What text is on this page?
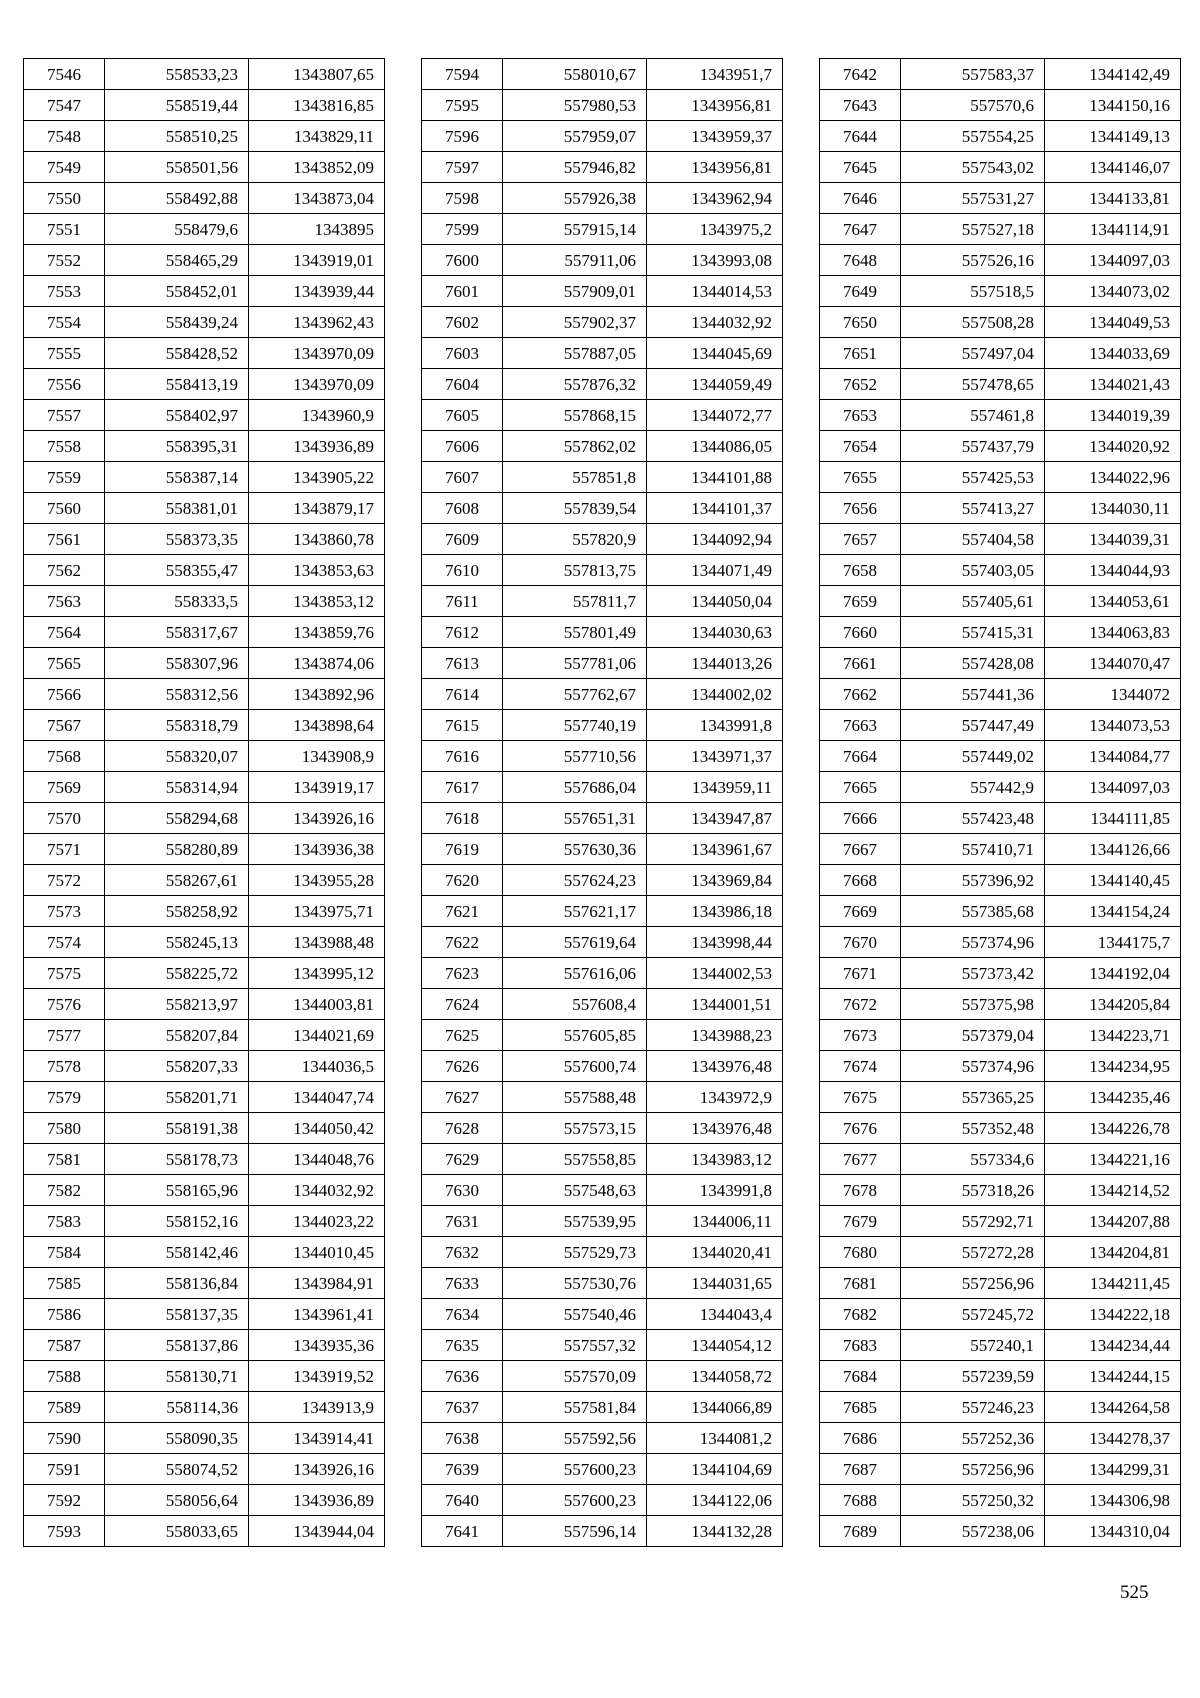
7546	558533,23	1343807,65
7547	558519,44	1343816,85
7548	558510,25	1343829,11
7549	558501,56	1343852,09
7550	558492,88	1343873,04
7551	558479,6	1343895
7552	558465,29	1343919,01
7553	558452,01	1343939,44
7554	558439,24	1343962,43
7555	558428,52	1343970,09
7556	558413,19	1343970,09
7557	558402,97	1343960,9
7558	558395,31	1343936,89
7559	558387,14	1343905,22
7560	558381,01	1343879,17
7561	558373,35	1343860,78
7562	558355,47	1343853,63
7563	558333,5	1343853,12
7564	558317,67	1343859,76
7565	558307,96	1343874,06
7566	558312,56	1343892,96
7567	558318,79	1343898,64
7568	558320,07	1343908,9
7569	558314,94	1343919,17
7570	558294,68	1343926,16
7571	558280,89	1343936,38
7572	558267,61	1343955,28
7573	558258,92	1343975,71
7574	558245,13	1343988,48
7575	558225,72	1343995,12
7576	558213,97	1344003,81
7577	558207,84	1344021,69
7578	558207,33	1344036,5
7579	558201,71	1344047,74
7580	558191,38	1344050,42
7581	558178,73	1344048,76
7582	558165,96	1344032,92
7583	558152,16	1344023,22
7584	558142,46	1344010,45
7585	558136,84	1343984,91
7586	558137,35	1343961,41
7587	558137,86	1343935,36
7588	558130,71	1343919,52
7589	558114,36	1343913,9
7590	558090,35	1343914,41
7591	558074,52	1343926,16
7592	558056,64	1343936,89
7593	558033,65	1343944,04
7594	558010,67	1343951,7
7595	557980,53	1343956,81
7596	557959,07	1343959,37
7597	557946,82	1343956,81
7598	557926,38	1343962,94
7599	557915,14	1343975,2
7600	557911,06	1343993,08
7601	557909,01	1344014,53
7602	557902,37	1344032,92
7603	557887,05	1344045,69
7604	557876,32	1344059,49
7605	557868,15	1344072,77
7606	557862,02	1344086,05
7607	557851,8	1344101,88
7608	557839,54	1344101,37
7609	557820,9	1344092,94
7610	557813,75	1344071,49
7611	557811,7	1344050,04
7612	557801,49	1344030,63
7613	557781,06	1344013,26
7614	557762,67	1344002,02
7615	557740,19	1343991,8
7616	557710,56	1343971,37
7617	557686,04	1343959,11
7618	557651,31	1343947,87
7619	557630,36	1343961,67
7620	557624,23	1343969,84
7621	557621,17	1343986,18
7622	557619,64	1343998,44
7623	557616,06	1344002,53
7624	557608,4	1344001,51
7625	557605,85	1343988,23
7626	557600,74	1343976,48
7627	557588,48	1343972,9
7628	557573,15	1343976,48
7629	557558,85	1343983,12
7630	557548,63	1343991,8
7631	557539,95	1344006,11
7632	557529,73	1344020,41
7633	557530,76	1344031,65
7634	557540,46	1344043,4
7635	557557,32	1344054,12
7636	557570,09	1344058,72
7637	557581,84	1344066,89
7638	557592,56	1344081,2
7639	557600,23	1344104,69
7640	557600,23	1344122,06
7641	557596,14	1344132,28
7642	557583,37	1344142,49
7643	557570,6	1344150,16
7644	557554,25	1344149,13
7645	557543,02	1344146,07
7646	557531,27	1344133,81
7647	557527,18	1344114,91
7648	557526,16	1344097,03
7649	557518,5	1344073,02
7650	557508,28	1344049,53
7651	557497,04	1344033,69
7652	557478,65	1344021,43
7653	557461,8	1344019,39
7654	557437,79	1344020,92
7655	557425,53	1344022,96
7656	557413,27	1344030,11
7657	557404,58	1344039,31
7658	557403,05	1344044,93
7659	557405,61	1344053,61
7660	557415,31	1344063,83
7661	557428,08	1344070,47
7662	557441,36	1344072
7663	557447,49	1344073,53
7664	557449,02	1344084,77
7665	557442,9	1344097,03
7666	557423,48	1344111,85
7667	557410,71	1344126,66
7668	557396,92	1344140,45
7669	557385,68	1344154,24
7670	557374,96	1344175,7
7671	557373,42	1344192,04
7672	557375,98	1344205,84
7673	557379,04	1344223,71
7674	557374,96	1344234,95
7675	557365,25	1344235,46
7676	557352,48	1344226,78
7677	557334,6	1344221,16
7678	557318,26	1344214,52
7679	557292,71	1344207,88
7680	557272,28	1344204,81
7681	557256,96	1344211,45
7682	557245,72	1344222,18
7683	557240,1	1344234,44
7684	557239,59	1344244,15
7685	557246,23	1344264,58
7686	557252,36	1344278,37
7687	557256,96	1344299,31
7688	557250,32	1344306,98
7689	557238,06	1344310,04
525
